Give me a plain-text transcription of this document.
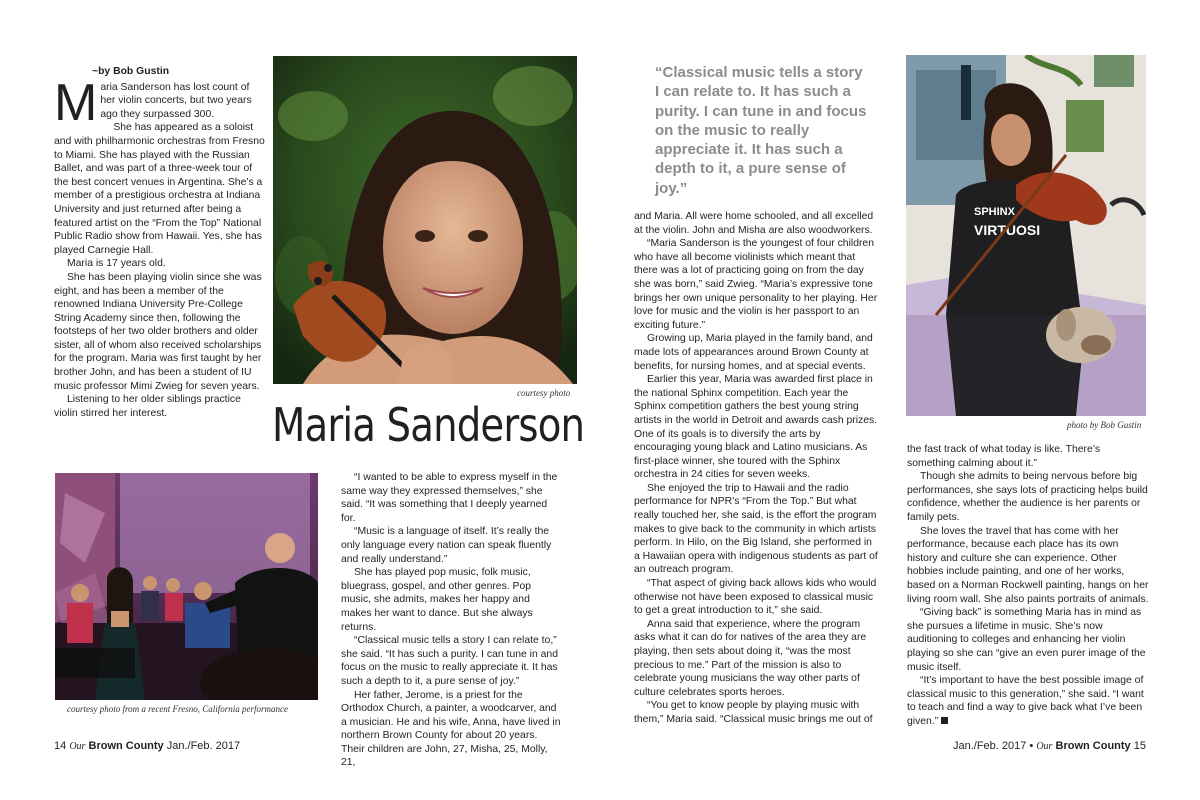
~by Bob Gustin
M aria Sanderson has lost count of her violin concerts, but two years ago they surpassed 300.

She has appeared as a soloist and with philharmonic orchestras from Fresno to Miami. She has played with the Russian Ballet, and was part of a three-week tour of the best concert venues in Argentina. She’s a member of a prestigious orchestra at Indiana University and just returned after being a featured artist on the “From the Top” National Public Radio show from Hawaii. Yes, she has played Carnegie Hall.

Maria is 17 years old.

She has been playing violin since she was eight, and has been a member of the renowned Indiana University Pre-College String Academy since then, following the footsteps of her two older brothers and older sister, all of whom also received scholarships for the program. Maria was first taught by her brother John, and has been a student of IU music professor Mimi Zwieg for seven years.

Listening to her older siblings practice violin stirred her interest.

courtesy photo
Maria Sanderson
courtesy photo from a recent Fresno, California performance

“I wanted to be able to express myself in the same way they expressed themselves,” she said. “It was something that I deeply yearned for.

“Music is a language of itself. It’s really the only language every nation can speak fluently and really understand.”

She has played pop music, folk music, bluegrass, gospel, and other genres. Pop music, she admits, makes her happy and makes her want to dance. But she always returns.

“Classical music tells a story I can relate to,” she said. “It has such a purity. I can tune in and focus on the music to really appreciate it. It has such a depth to it, a pure sense of joy.”

Her father, Jerome, is a priest for the Orthodox Church, a painter, a woodcarver, and a musician. He and his wife, Anna, have lived in northern Brown County for about 20 years. Their children are John, 27, Misha, 25, Molly, 21,

“Classical music tells a story I can relate to. It has such a purity. I can tune in and focus on the music to really appreciate it. It has such a depth to it, a pure sense of joy.”

and Maria. All were home schooled, and all excelled at the violin. John and Misha are also woodworkers.

“Maria Sanderson is the youngest of four children who have all become violinists which meant that there was a lot of practicing going on from the day she was born,” said Zwieg. “Maria’s expressive tone brings her own unique personality to her playing. Her love for music and the violin is her passport to an exciting future.”

Growing up, Maria played in the family band, and made lots of appearances around Brown County at benefits, for nursing homes, and at special events.

Earlier this year, Maria was awarded first place in the national Sphinx competition. Each year the Sphinx competition gathers the best young string artists in the world in Detroit and awards cash prizes. One of its goals is to diversify the arts by encouraging young black and Latino musicians. As first-place winner, she toured with the Sphinx orchestra in 24 cities for seven weeks.

She enjoyed the trip to Hawaii and the radio performance for NPR’s “From the Top.” But what really touched her, she said, is the effort the program makes to give back to the community in which artists perform. In Hilo, on the Big Island, she performed in a Hawaiian opera with indigenous students as part of an outreach program.

“That aspect of giving back allows kids who would otherwise not have been exposed to classical music to get a great introduction to it,” she said.

Anna said that experience, where the program asks what it can do for natives of the area they are playing, then sets about doing it, “was the most precious to me.” Part of the mission is also to celebrate young musicians the way other parts of culture celebrates sports heroes.

“You get to know people by playing music with them,” Maria said. “Classical music brings me out of

SPHINX
VIRTUOSI
photo by Bob Gustin

the fast track of what today is like. There’s something calming about it.”

Though she admits to being nervous before big performances, she says lots of practicing helps build confidence, whether the audience is her parents or family pets.

She loves the travel that has come with her performance, because each place has its own history and culture she can experience. Other hobbies include painting, and one of her works, based on a Norman Rockwell painting, hangs on her living room wall. She also paints portraits of animals.

“Giving back” is something Maria has in mind as she pursues a lifetime in music. She’s now auditioning to colleges and enhancing her violin playing so she can “give an even purer image of the music itself.

“It’s important to have the best possible image of classical music to this generation,” she said. “I want to teach and find a way to give back what I’ve been given.”

14 Our Brown County Jan./Feb. 2017	Jan./Feb. 2017 • Our Brown County 15
